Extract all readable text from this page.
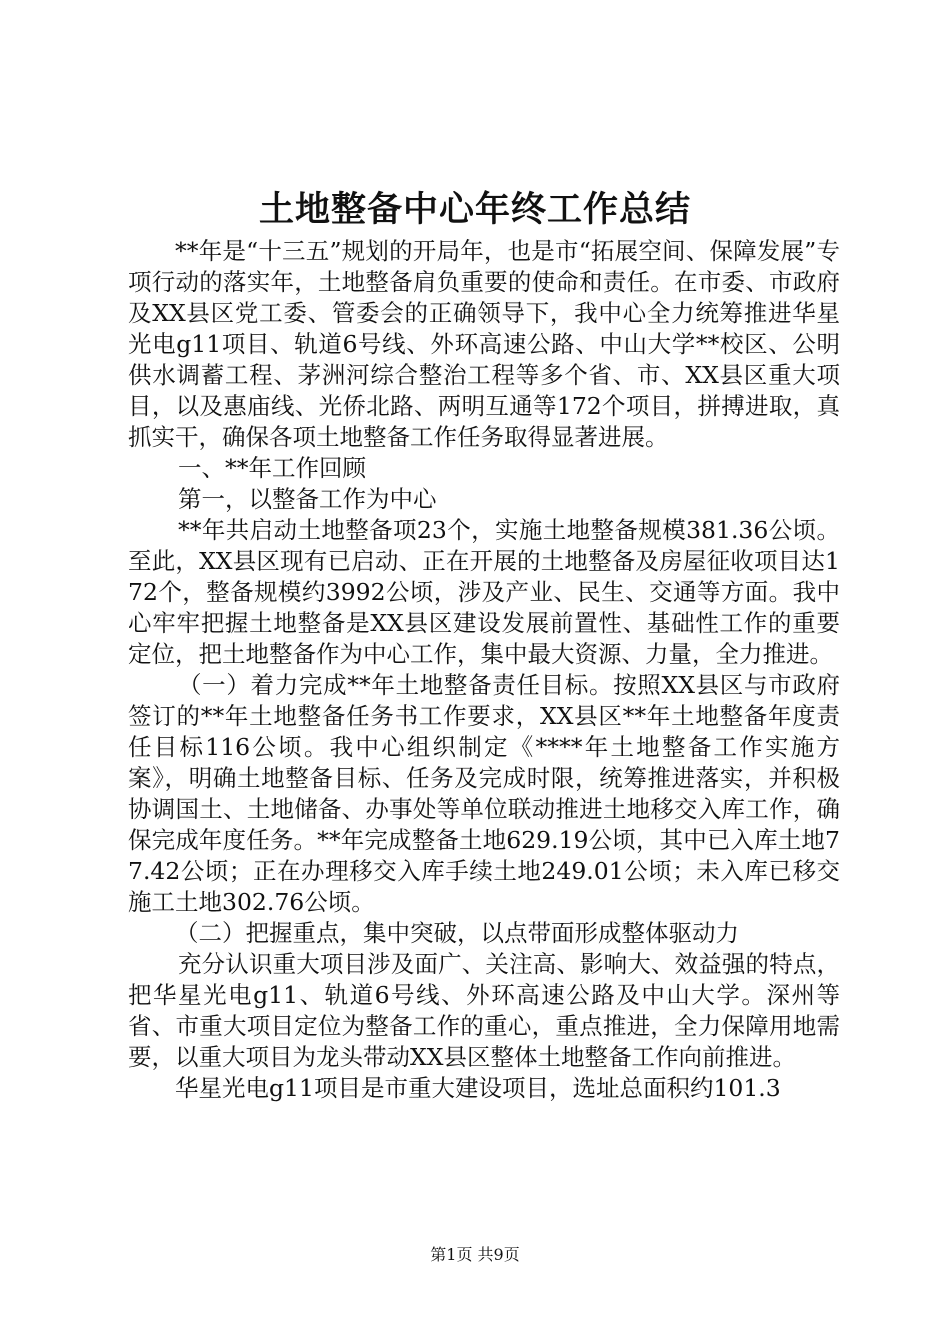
土地整备中心年终工作总结

**年是“十三五”规划的开局年，也是市“拓展空间、保障发展”专项行动的落实年，土地整备肩负重要的使命和责任。在市委、市政府及XX县区党工委、管委会的正确领导下，我中心全力统筹推进华星光电g11项目、轨道6号线、外环高速公路、中山大学**校区、公明供水调蓄工程、茅洲河综合整治工程等多个省、市、XX县区重大项目，以及惠庙线、光侨北路、两明互通等172个项目，拼搏进取，真抓实干，确保各项土地整备工作任务取得显著进展。

一、**年工作回顾

第一，以整备工作为中心

**年共启动土地整备项23个，实施土地整备规模381.36公顷。至此，XX县区现有已启动、正在开展的土地整备及房屋征收项目达172个，整备规模约3992公顷，涉及产业、民生、交通等方面。我中心牢牢把握土地整备是XX县区建设发展前置性、基础性工作的重要定位，把土地整备作为中心工作，集中最大资源、力量，全力推进。

（一）着力完成**年土地整备责任目标。按照XX县区与市政府签订的**年土地整备任务书工作要求，XX县区**年土地整备年度责任目标116公顷。我中心组织制定《****年土地整备工作实施方案》，明确土地整备目标、任务及完成时限，统筹推进落实，并积极协调国土、土地储备、办事处等单位联动推进土地移交入库工作，确保完成年度任务。**年完成整备土地629.19公顷，其中已入库土地77.42公顷；正在办理移交入库手续土地249.01公顷；未入库已移交施工土地302.76公顷。

（二）把握重点，集中突破，以点带面形成整体驱动力

充分认识重大项目涉及面广、关注高、影响大、效益强的特点，把华星光电g11、轨道6号线、外环高速公路及中山大学。深州等省、市重大项目定位为整备工作的重心，重点推进，全力保障用地需要，以重大项目为龙头带动XX县区整体土地整备工作向前推进。

华星光电g11项目是市重大建设项目，选址总面积约101.3

第1页 共9页
